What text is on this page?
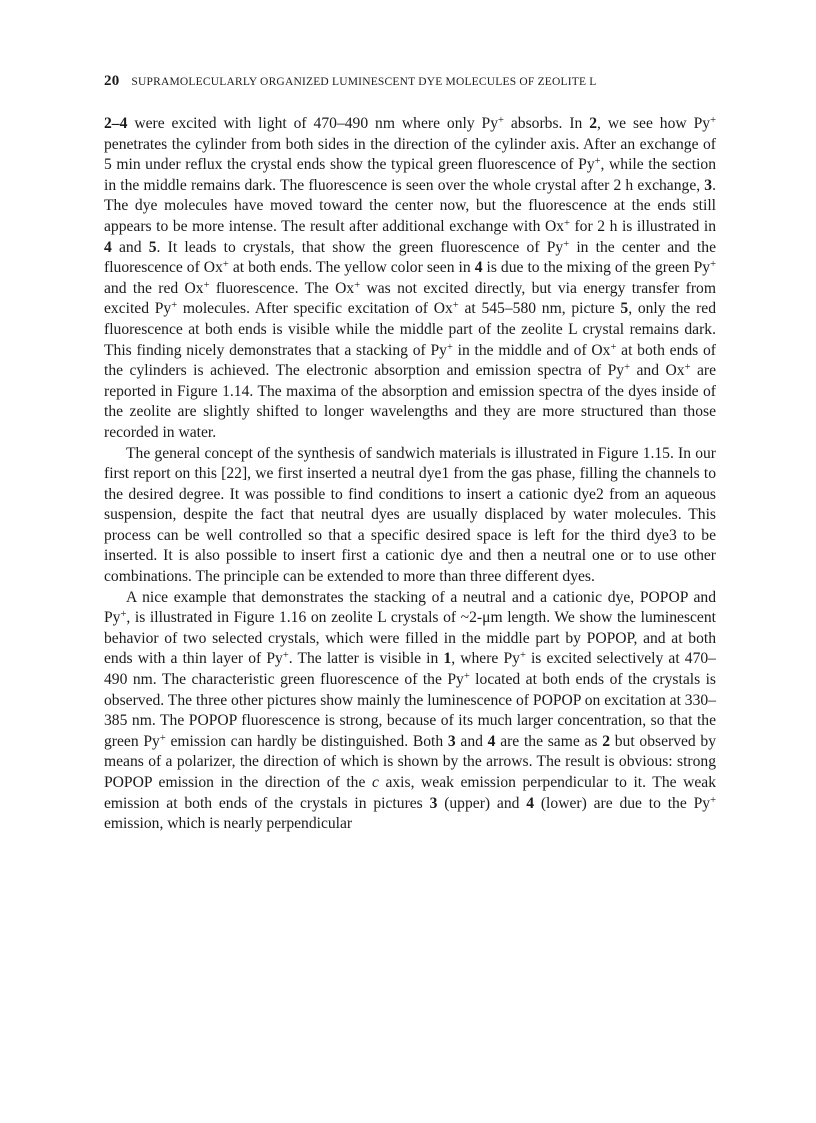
20 SUPRAMOLECULARLY ORGANIZED LUMINESCENT DYE MOLECULES OF ZEOLITE L

2–4 were excited with light of 470–490 nm where only Py+ absorbs. In 2, we see how Py+ penetrates the cylinder from both sides in the direction of the cylinder axis. After an exchange of 5 min under reflux the crystal ends show the typical green fluorescence of Py+, while the section in the middle remains dark. The fluorescence is seen over the whole crystal after 2 h exchange, 3. The dye molecules have moved toward the center now, but the fluorescence at the ends still appears to be more intense. The result after additional exchange with Ox+ for 2 h is illustrated in 4 and 5. It leads to crystals, that show the green fluorescence of Py+ in the center and the fluorescence of Ox+ at both ends. The yellow color seen in 4 is due to the mixing of the green Py+ and the red Ox+ fluorescence. The Ox+ was not excited directly, but via energy transfer from excited Py+ molecules. After specific excitation of Ox+ at 545–580 nm, picture 5, only the red fluorescence at both ends is visible while the middle part of the zeolite L crystal remains dark. This finding nicely demonstrates that a stacking of Py+ in the middle and of Ox+ at both ends of the cylinders is achieved. The electronic absorption and emission spectra of Py+ and Ox+ are reported in Figure 1.14. The maxima of the absorption and emission spectra of the dyes inside of the zeolite are slightly shifted to longer wavelengths and they are more structured than those recorded in water.

The general concept of the synthesis of sandwich materials is illustrated in Figure 1.15. In our first report on this [22], we first inserted a neutral dye1 from the gas phase, filling the channels to the desired degree. It was possible to find conditions to insert a cationic dye2 from an aqueous suspension, despite the fact that neutral dyes are usually displaced by water molecules. This process can be well controlled so that a specific desired space is left for the third dye3 to be inserted. It is also possible to insert first a cationic dye and then a neutral one or to use other combinations. The principle can be extended to more than three different dyes.

A nice example that demonstrates the stacking of a neutral and a cationic dye, POPOP and Py+, is illustrated in Figure 1.16 on zeolite L crystals of ~2-μm length. We show the luminescent behavior of two selected crystals, which were filled in the middle part by POPOP, and at both ends with a thin layer of Py+. The latter is visible in 1, where Py+ is excited selectively at 470–490 nm. The characteristic green fluorescence of the Py+ located at both ends of the crystals is observed. The three other pictures show mainly the luminescence of POPOP on excitation at 330–385 nm. The POPOP fluorescence is strong, because of its much larger concentration, so that the green Py+ emission can hardly be distinguished. Both 3 and 4 are the same as 2 but observed by means of a polarizer, the direction of which is shown by the arrows. The result is obvious: strong POPOP emission in the direction of the c axis, weak emission perpendicular to it. The weak emission at both ends of the crystals in pictures 3 (upper) and 4 (lower) are due to the Py+ emission, which is nearly perpendicular
